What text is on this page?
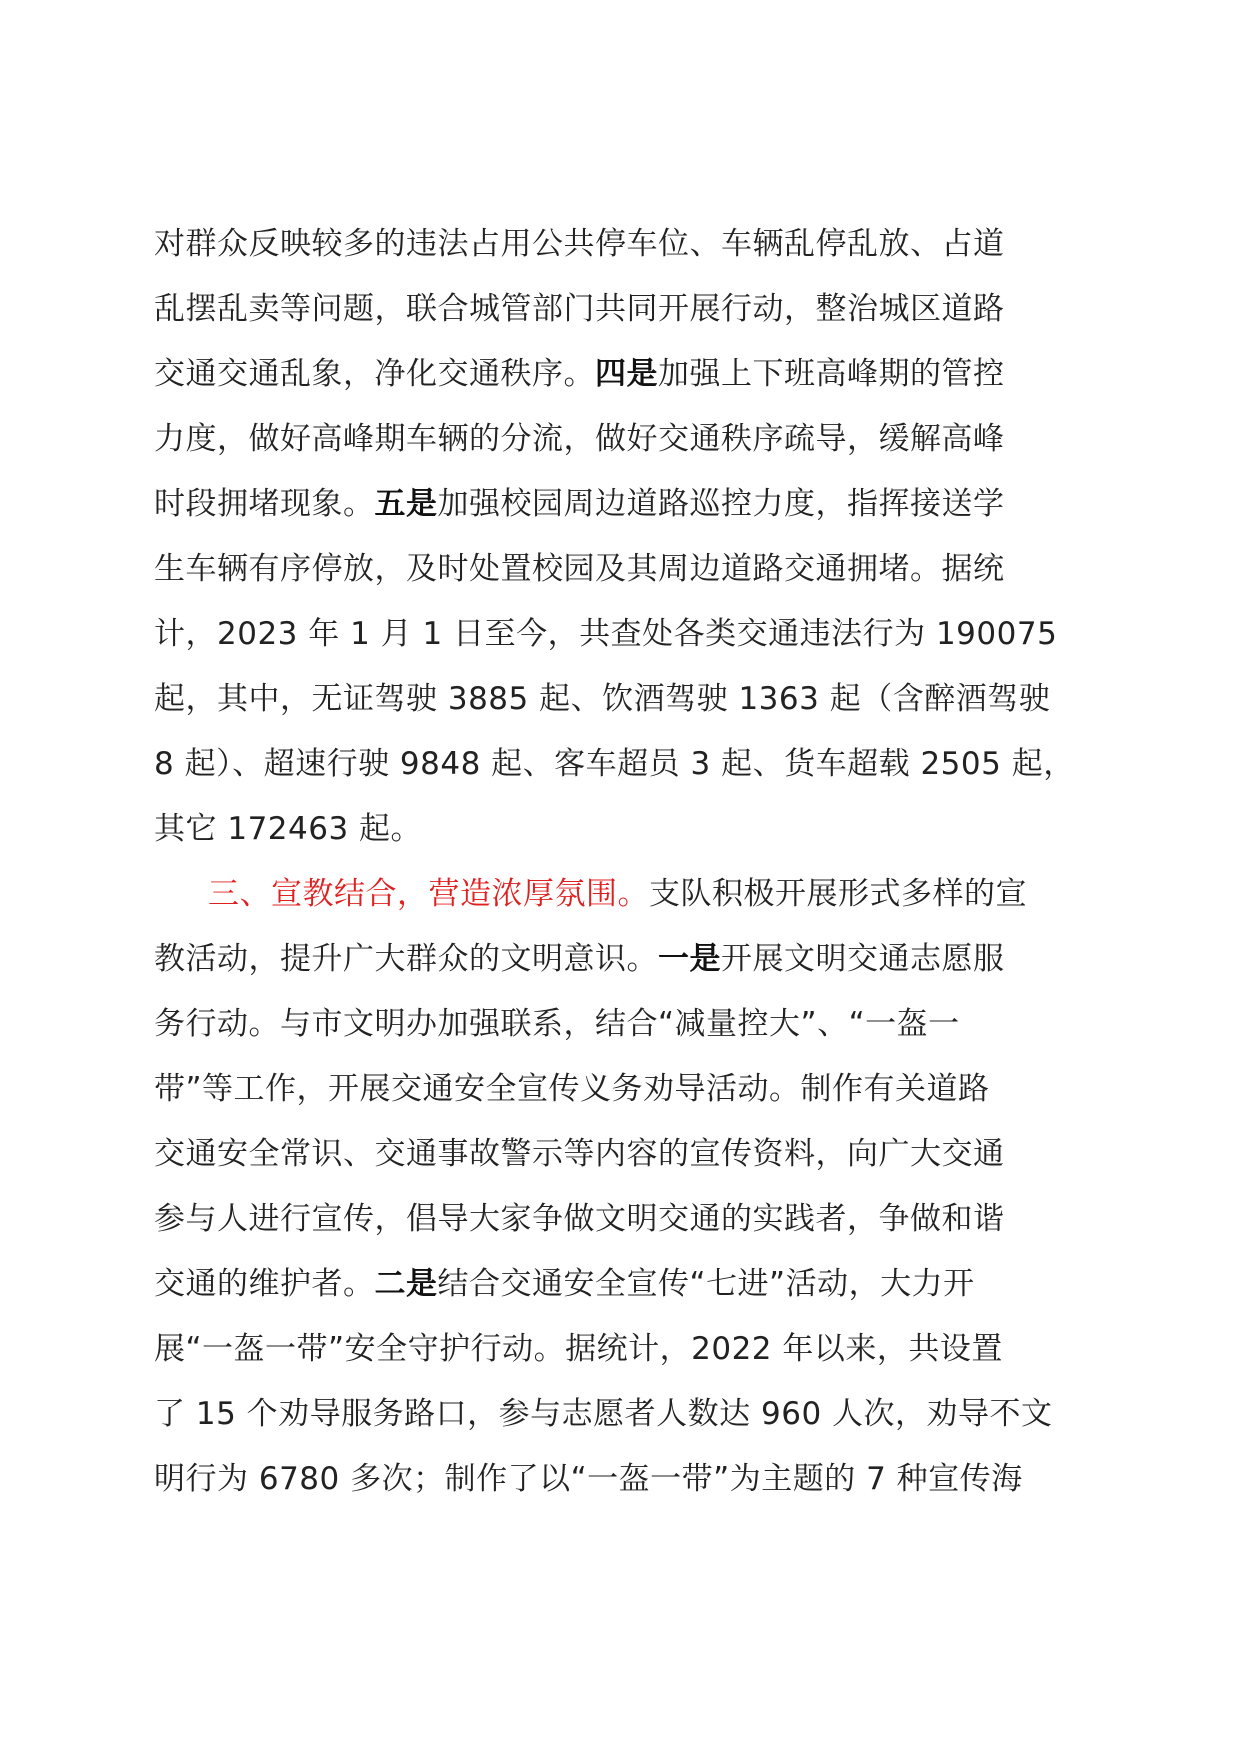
对群众反映较多的违法占用公共停车位、车辆乱停乱放、占道
乱摆乱卖等问题，联合城管部门共同开展行动，整治城区道路
交通交通乱象，净化交通秩序。四是加强上下班高峰期的管控
力度，做好高峰期车辆的分流，做好交通秩序疏导，缓解高峰
时段拥堵现象。五是加强校园周边道路巡控力度，指挥接送学
生车辆有序停放，及时处置校园及其周边道路交通拥堵。据统
计，2023 年 1 月 1 日至今，共查处各类交通违法行为 190075
起，其中，无证驾驶 3885 起、饮酒驾驶 1363 起（含醉酒驾驶
8 起）、超速行驶 9848 起、客车超员 3 起、货车超载 2505 起，
其它 172463 起。
三、宣教结合，营造浓厚氛围。支队积极开展形式多样的宣
教活动，提升广大群众的文明意识。一是开展文明交通志愿服
务行动。与市文明办加强联系，结合“减量控大”、“一盔一
带”等工作，开展交通安全宣传义务劝导活动。制作有关道路
交通安全常识、交通事故警示等内容的宣传资料，向广大交通
参与人进行宣传，倡导大家争做文明交通的实践者，争做和谐
交通的维护者。二是结合交通安全宣传“七进”活动，大力开
展“一盔一带”安全守护行动。据统计，2022 年以来，共设置
了 15 个劝导服务路口，参与志愿者人数达 960 人次，劝导不文
明行为 6780 多次；制作了以“一盔一带”为主题的 7 种宣传海
